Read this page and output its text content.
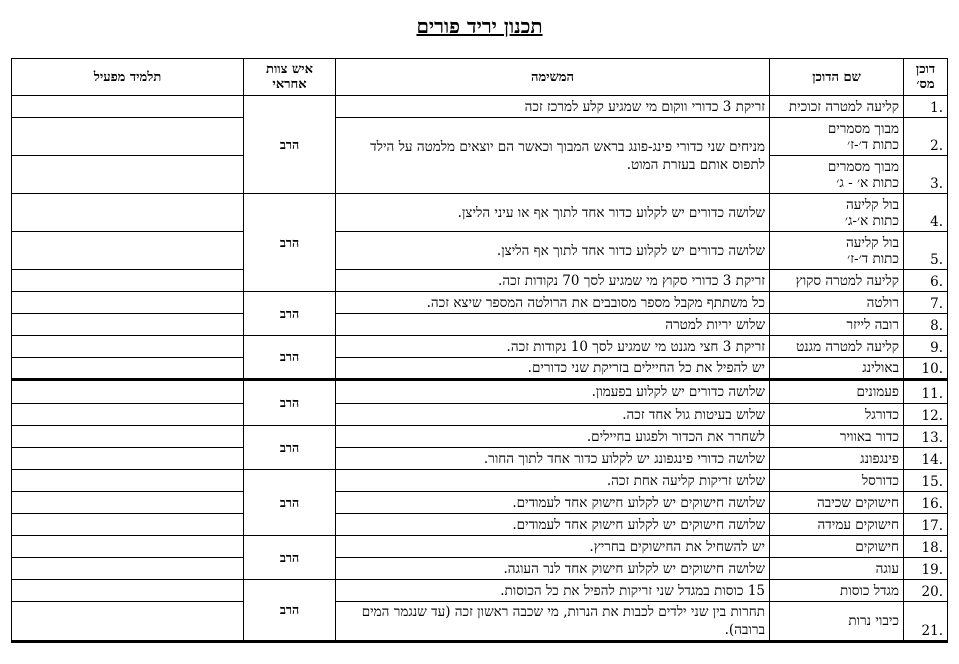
תכנון יריד פורים
דוכן מס׳	שם הדוכן	המשימה	איש צוות אחראי	תלמיד מפעיל
.1	קליעה למטרה זכוכית	זריקת 3 כדורי ווקום מי שמגיע קלע למרכז זכה	הרב	
.2	מבוך מסמרים
כתות ד׳-ז׳	מניחים שני כדורי פינג-פונג בראש המבוך וכאשר הם יוצאים מלמטה על הילד לתפוס אותם בעזרת המוט.		
.3	מבוך מסמרים
כתות א׳ - ג׳			
.4	בול קליעה
כתות א׳-ג׳	שלושה כדורים יש לקלוע כדור אחד לתוך אף או עיני הליצן.	הרב	
.5	בול קליעה
כתות ד׳-ז׳	שלושה כדורים יש לקלוע כדור אחד לתוך אף הליצן.		
.6	קליעה למטרה סקוץ	זריקת 3 כדורי סקוץ מי שמגיע לסך 70 נקודות זכה.		
.7	רולטה	כל משתתף מקבל מספר מסובבים את הרולטה המספר שיצא זכה.	הרב	
.8	רובה לייזר	שלוש יריות למטרה		
.9	קליעה למטרה מגנט	זריקת 3 חצי מגנט מי שמגיע לסך 10 נקודות זכה.	הרב	
.10	באולינג	יש להפיל את כל החיילים בזריקת שני כדורים.		
.11	פעמונים	שלושה כדורים יש לקלוע בפעמון.	הרב	
.12	כדורגל	שלוש בעיטות גול אחד זכה.		
.13	כדור באוויר	לשחרר את הכדור ולפגוע בחיילים.	הרב	
.14	פינגפונג	שלושה כדורי פינגפונג יש לקלוע כדור אחד לתוך החור.		
.15	כדורסל	שלוש זריקות קליעה אחת זכה.	הרב	
.16	חישוקים שכיבה	שלושה חישוקים יש לקלוע חישוק אחד לעמודים.		
.17	חישוקים עמידה	שלושה חישוקים יש לקלוע חישוק אחד לעמודים.		
.18	חישוקים	יש להשחיל את החישוקים בחריץ.	הרב	
.19	עוגה	שלושה חישוקים יש לקלוע חישוק אחד לנר העוגה.		
.20	מגדל כוסות	15 כוסות במגדל שני זריקות להפיל את כל הכוסות.	הרב	
.21	כיבוי נרות	תחרות בין שני ילדים לכבות את הנרות, מי שכבה ראשון זכה (עד שנגמר המים ברובה).		
